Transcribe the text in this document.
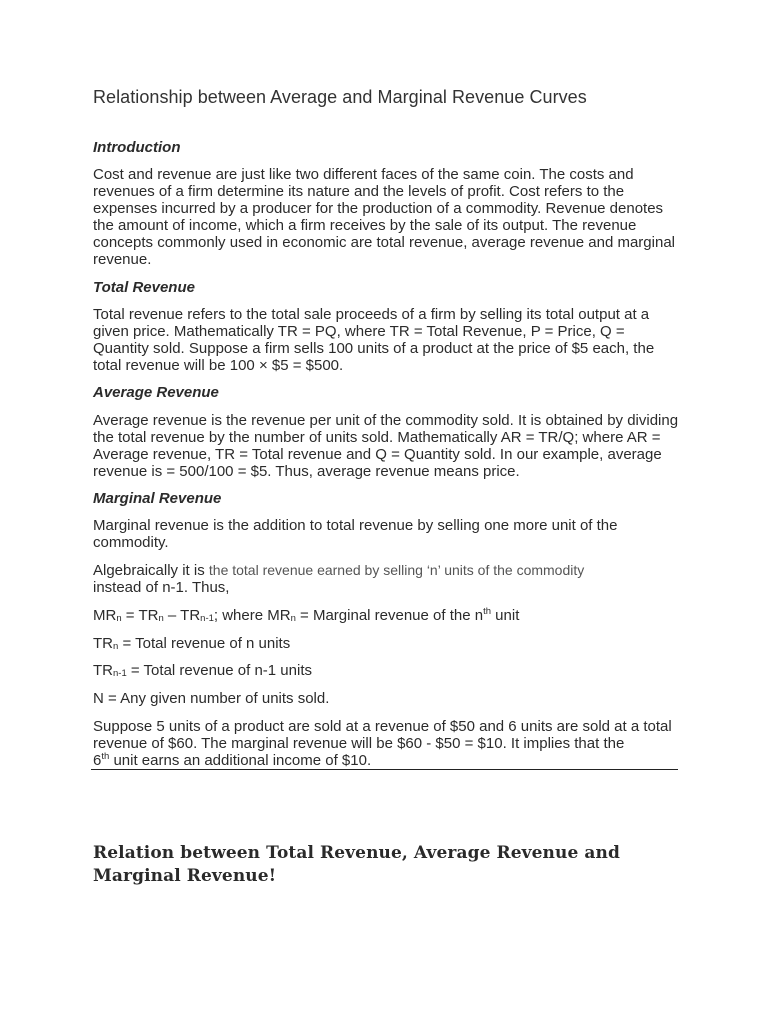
Relationship between Average and Marginal Revenue Curves
Introduction

Cost and revenue are just like two different faces of the same coin. The costs and revenues of a firm determine its nature and the levels of profit. Cost refers to the expenses incurred by a producer for the production of a commodity. Revenue denotes the amount of income, which a firm receives by the sale of its output. The revenue concepts commonly used in economic are total revenue, average revenue and marginal revenue.

Total Revenue

Total revenue refers to the total sale proceeds of a firm by selling its total output at a given price. Mathematically TR = PQ, where TR = Total Revenue, P = Price, Q = Quantity sold. Suppose a firm sells 100 units of a product at the price of $5 each, the total revenue will be 100 × $5 = $500.

Average Revenue

Average revenue is the revenue per unit of the commodity sold. It is obtained by dividing the total revenue by the number of units sold. Mathematically AR = TR/Q; where AR = Average revenue, TR = Total revenue and Q = Quantity sold. In our example, average revenue is = 500/100 = $5. Thus, average revenue means price.

Marginal Revenue

Marginal revenue is the addition to total revenue by selling one more unit of the commodity.

Algebraically it is the total revenue earned by selling ‘n’ units of the commodity
instead of n-1. Thus,

$MR_n = TR_n - TR_{n-1}$; where $MR_n$ = Marginal revenue of the $n^{th}$ unit

$TR_n$ = Total revenue of n units

$TR_{n-1}$ = Total revenue of n-1 units

N = Any given number of units sold.

Suppose 5 units of a product are sold at a revenue of $50 and 6 units are sold at a total revenue of $60. The marginal revenue will be $60 - $50 = $10. It implies that the
6th unit earns an additional income of $10.

Relation between Total Revenue, Average Revenue and Marginal Revenue!
